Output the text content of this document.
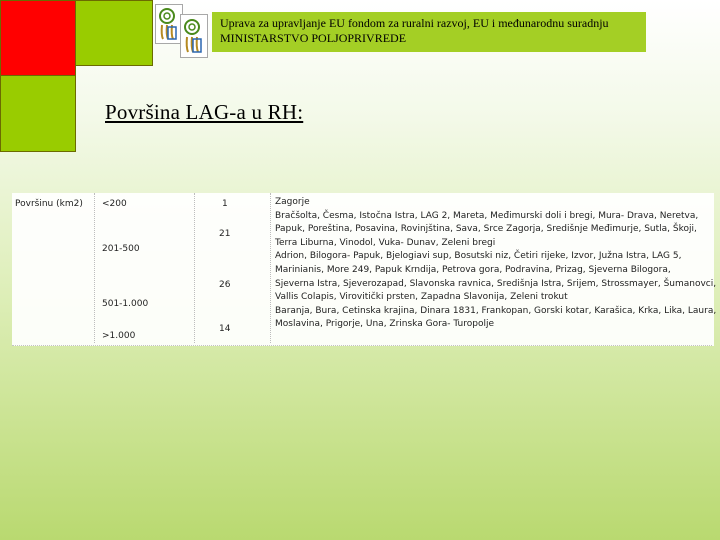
Uprava za upravljanje EU fondom za ruralni razvoj, EU i međunarodnu suradnju
MINISTARSTVO POLJOPRIVREDE
Površina LAG-a u RH:
Površinu (km2) <200
201-500
501-1.000
>1.000
1
21
26
14
Zagorje
Bračšolta, Česma, Istočna Istra, LAG 2, Mareta, Međimurski doli i bregi, Mura- Drava, Neretva,
Papuk, Poreština, Posavina, Rovinjština, Sava, Srce Zagorja, Središnje Međimurje, Sutla, Škoji,
Terra Liburna, Vinodol, Vuka- Dunav, Zeleni bregi
Adrion, Bilogora- Papuk, Bjelogiavi sup, Bosutski niz, Četiri rijeke, Izvor, Južna Istra, LAG 5,
Marinianis, More 249, Papuk Krndija, Petrova gora, Podravina, Prizag, Sjeverna Bilogora,
Sjeverna Istra, Sjeverozapad, Slavonska ravnica, Središnja Istra, Srijem, Strossmayer, Šumanovci,
Vallis Colapis, Virovitički prsten, Zapadna Slavonija, Zeleni trokut
Baranja, Bura, Cetinska krajina, Dinara 1831, Frankopan, Gorski kotar, Karašica, Krka, Lika, Laura,
Moslavina, Prigorje, Una, Zrinska Gora- Turopolje
